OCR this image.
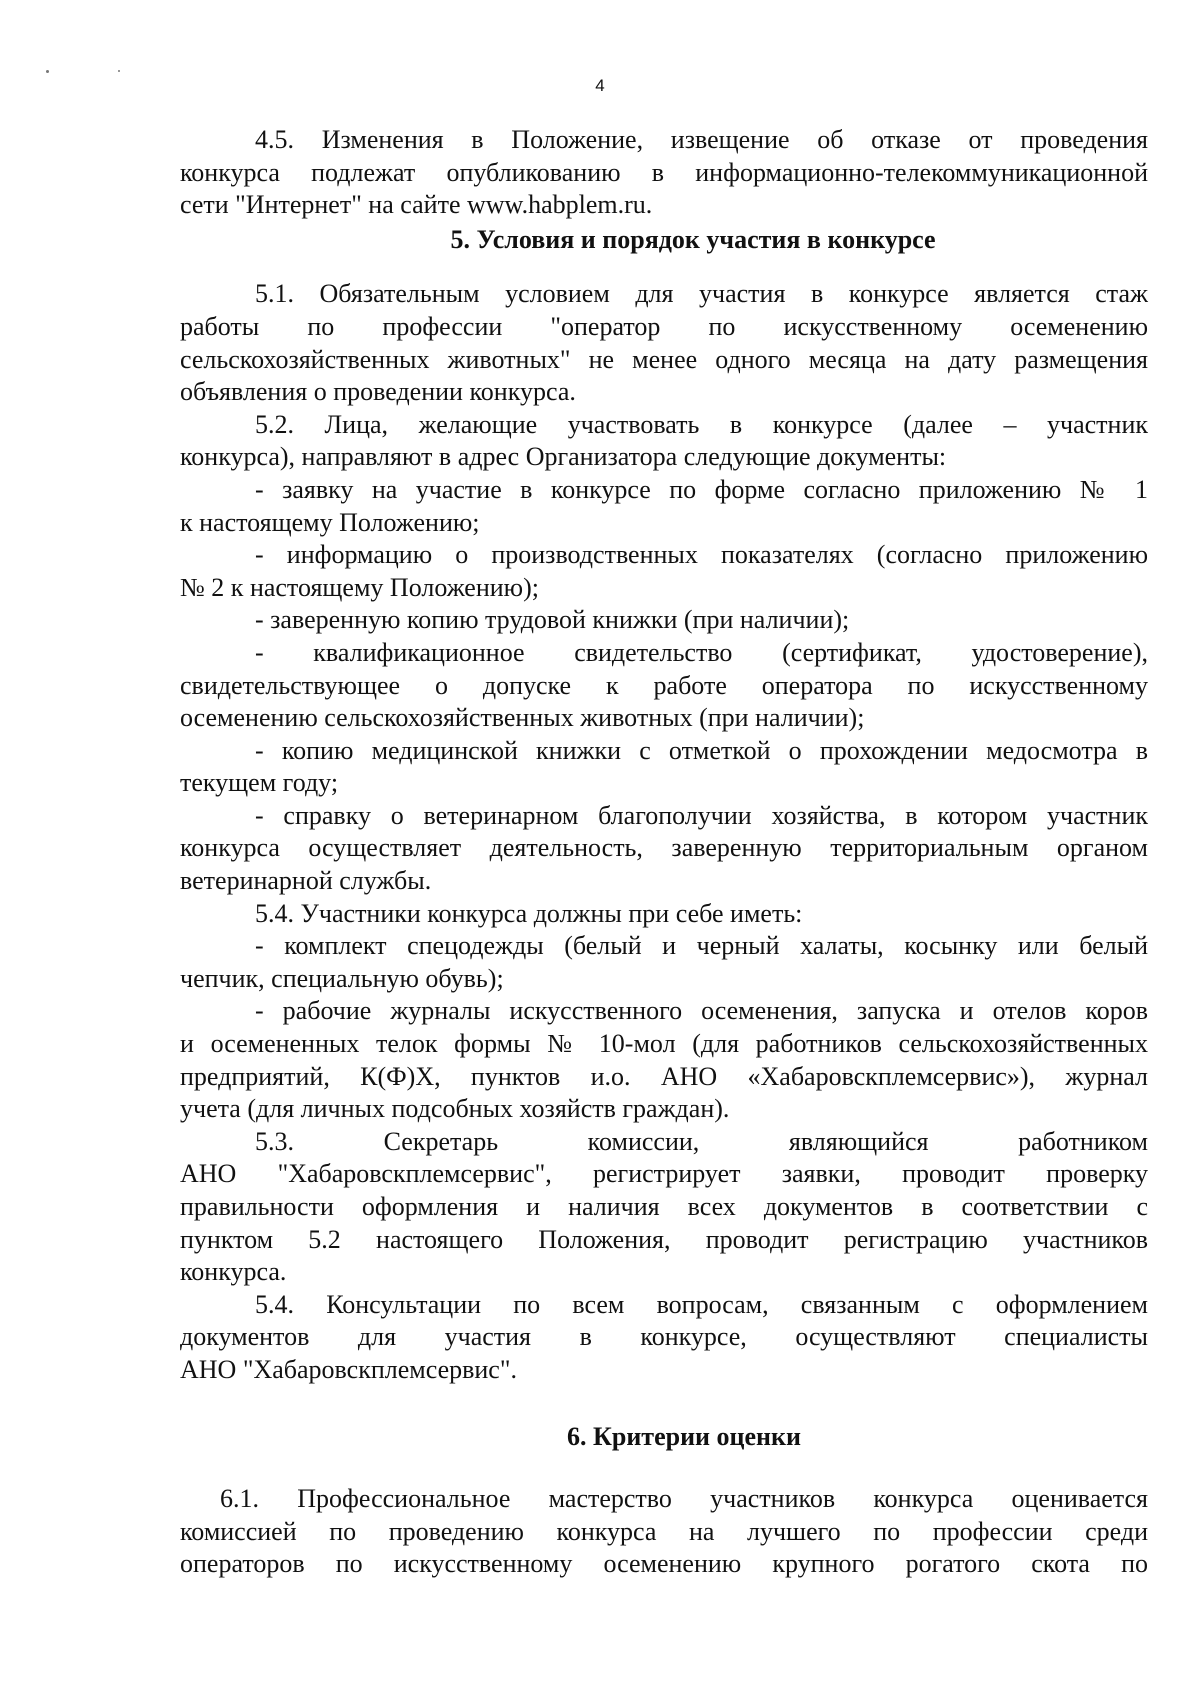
4

4.5. Изменения в Положение, извещение об отказе от проведения

конкурса подлежат опубликованию в информационно-телекоммуникационной

сети "Интернет" на сайте www.habplem.ru.

5. Условия и порядок участия в конкурсе

5.1. Обязательным условием для участия в конкурсе является стаж

работы по профессии "оператор по искусственному осеменению

сельскохозяйственных животных" не менее одного месяца на дату размещения

объявления о проведении конкурса.

5.2. Лица, желающие участвовать в конкурсе (далее – участник

конкурса), направляют в адрес Организатора следующие документы:

- заявку на участие в конкурсе по форме согласно приложению № 1

к настоящему Положению;

- информацию о производственных показателях (согласно приложению

№ 2 к настоящему Положению);

- заверенную копию трудовой книжки (при наличии);

- квалификационное свидетельство (сертификат, удостоверение),

свидетельствующее о допуске к работе оператора по искусственному

осеменению сельскохозяйственных животных (при наличии);

- копию медицинской книжки с отметкой о прохождении медосмотра в

текущем году;

- справку о ветеринарном благополучии хозяйства, в котором участник

конкурса осуществляет деятельность, заверенную территориальным органом

ветеринарной службы.

5.4. Участники конкурса должны при себе иметь:

- комплект спецодежды (белый и черный халаты, косынку или белый

чепчик, специальную обувь);

- рабочие журналы искусственного осеменения, запуска и отелов коров

и осемененных телок формы № 10-мол (для работников сельскохозяйственных

предприятий, К(Ф)Х, пунктов и.о. АНО «Хабаровскплемсервис»), журнал

учета (для личных подсобных хозяйств граждан).

5.3. Секретарь комиссии, являющийся работником

АНО "Хабаровскплемсервис", регистрирует заявки, проводит проверку

правильности оформления и наличия всех документов в соответствии с

пунктом 5.2 настоящего Положения, проводит регистрацию участников

конкурса.

5.4. Консультации по всем вопросам, связанным с оформлением

документов для участия в конкурсе, осуществляют специалисты

АНО "Хабаровскплемсервис".

6. Критерии оценки

6.1. Профессиональное мастерство участников конкурса оценивается

комиссией по проведению конкурса на лучшего по профессии среди

операторов по искусственному осеменению крупного рогатого скота по
